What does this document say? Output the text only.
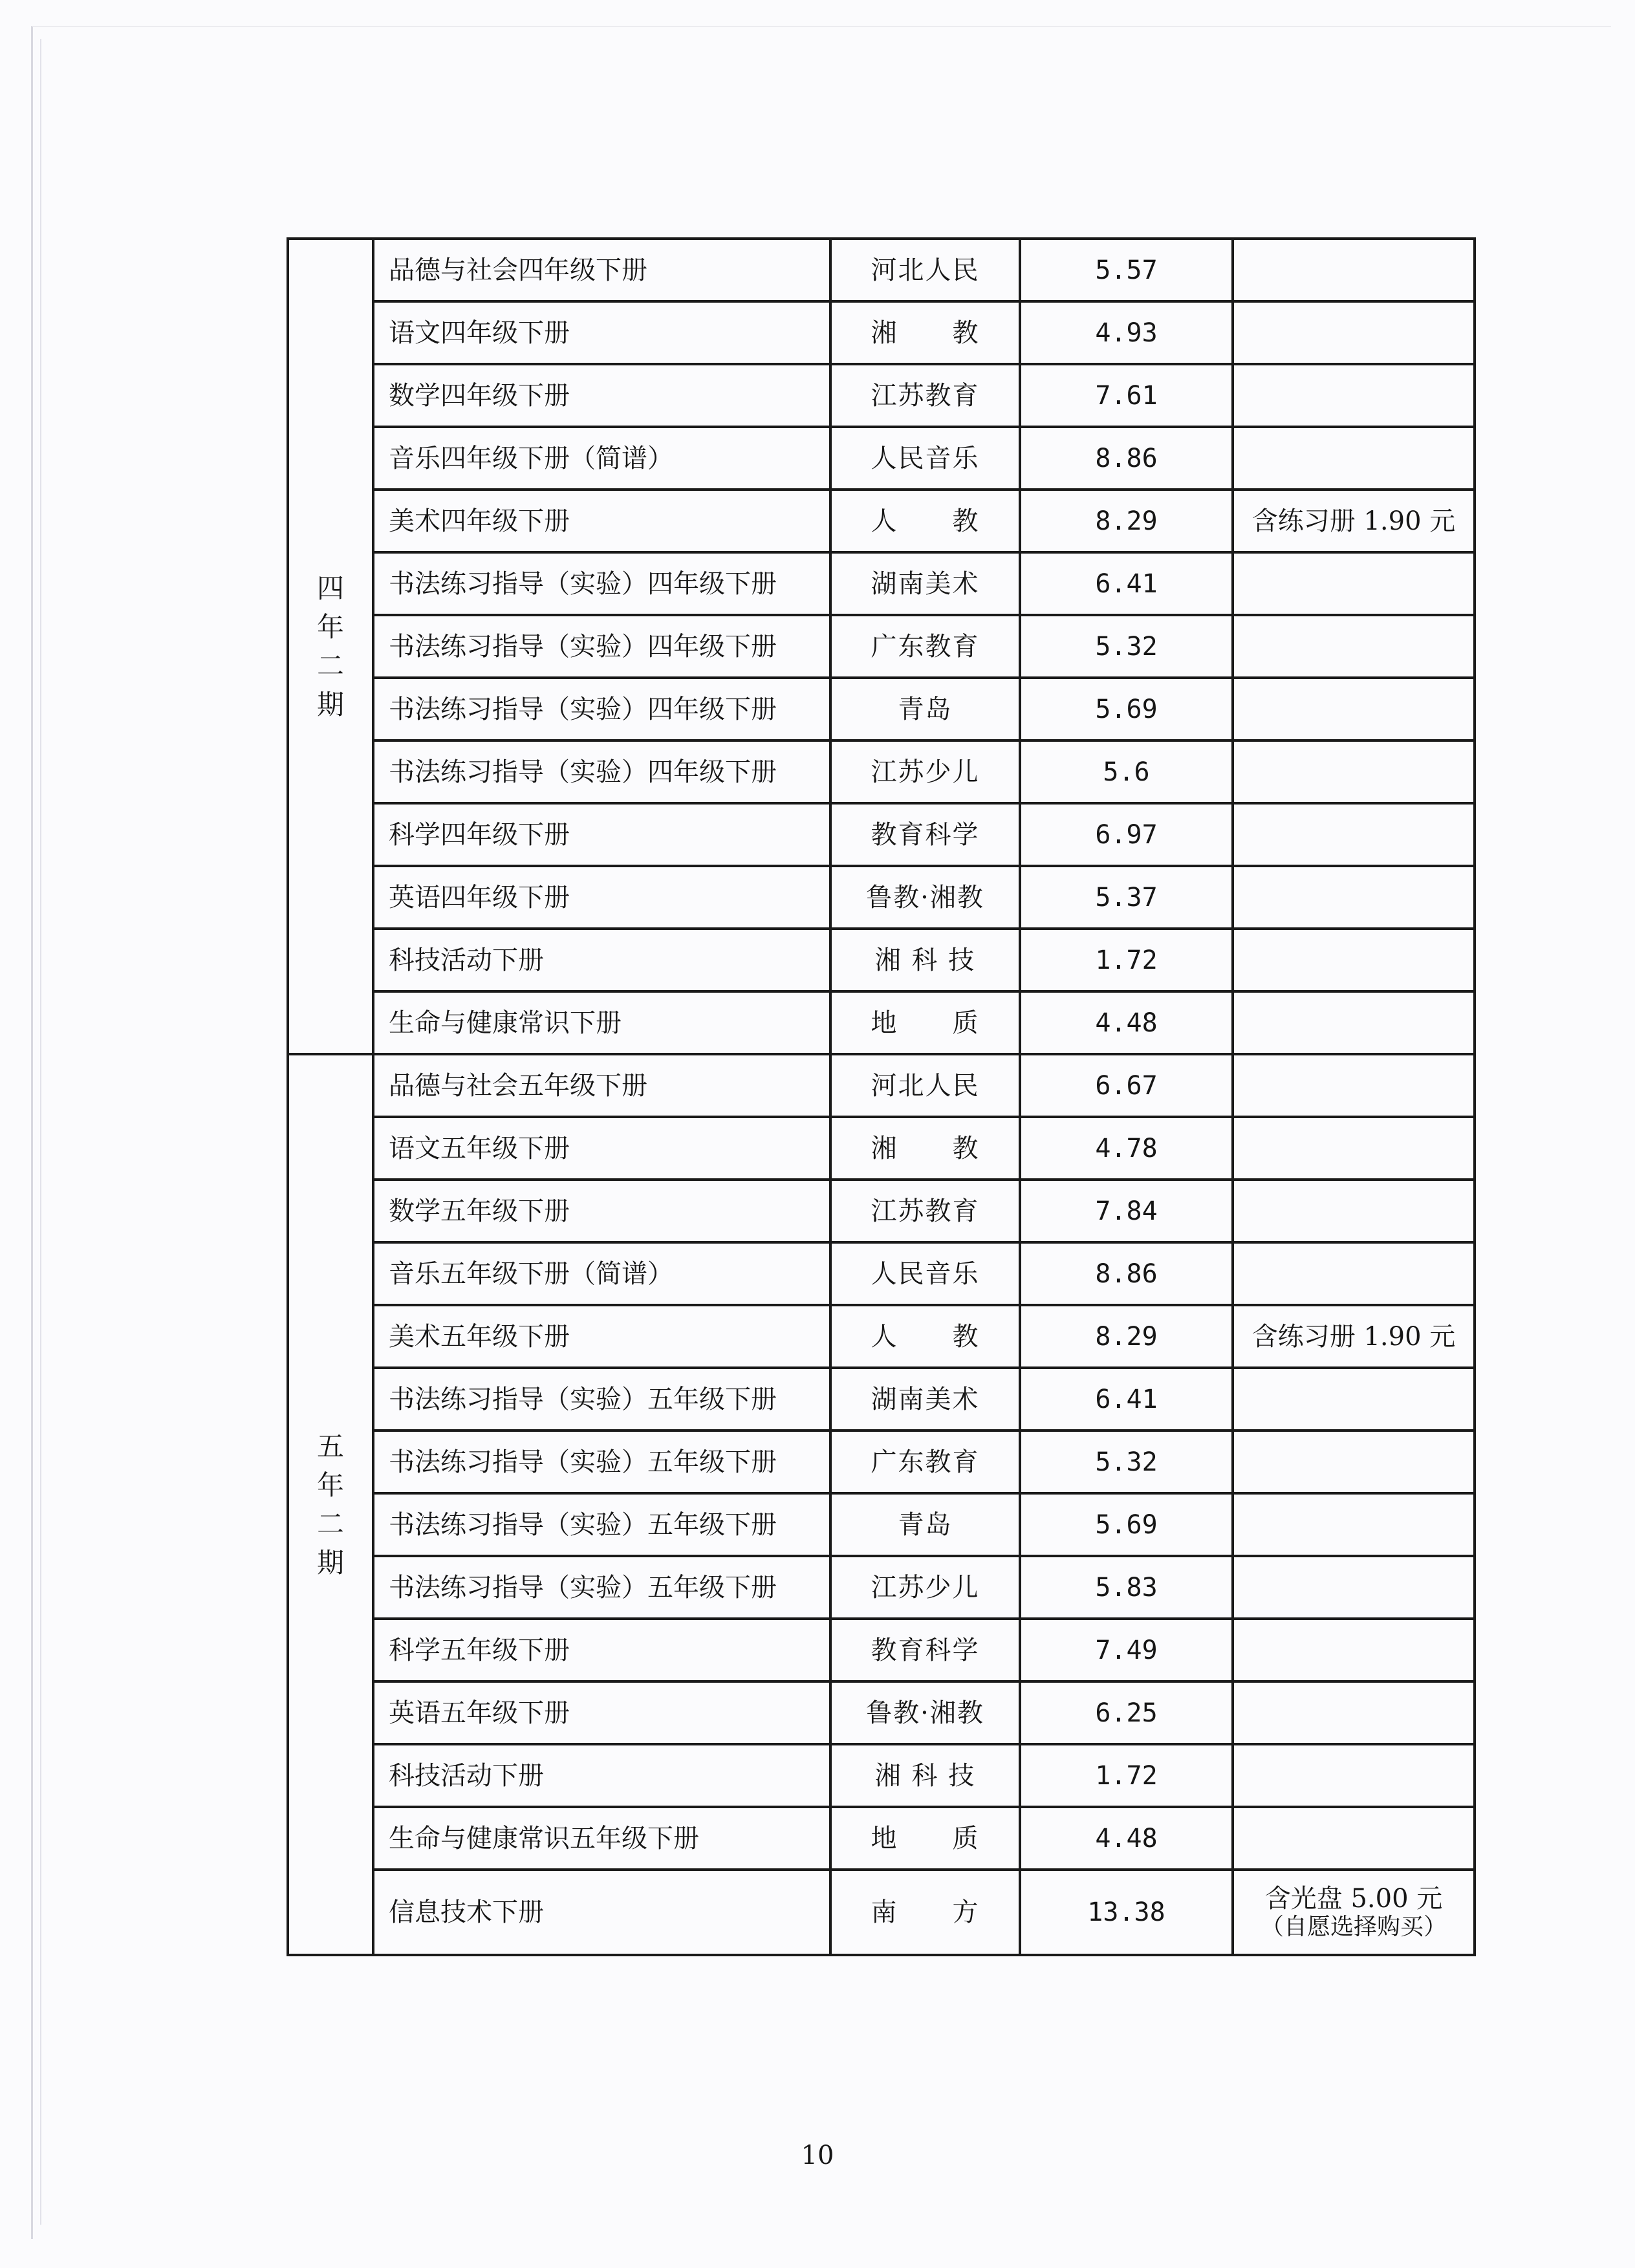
四
年
二
期	品德与社会四年级下册	河北人民	5.57	
	语文四年级下册	湘　　教	4.93	
	数学四年级下册	江苏教育	7.61	
	音乐四年级下册（简谱）	人民音乐	8.86	
	美术四年级下册	人　　教	8.29	含练习册 1.90 元
	书法练习指导（实验）四年级下册	湖南美术	6.41	
	书法练习指导（实验）四年级下册	广东教育	5.32	
	书法练习指导（实验）四年级下册	青岛	5.69	
	书法练习指导（实验）四年级下册	江苏少儿	5.6	
	科学四年级下册	教育科学	6.97	
	英语四年级下册	鲁教·湘教	5.37	
	科技活动下册	湘 科 技	1.72	
	生命与健康常识下册	地　　质	4.48	

五
年
二
期	品德与社会五年级下册	河北人民	6.67	
	语文五年级下册	湘　　教	4.78	
	数学五年级下册	江苏教育	7.84	
	音乐五年级下册（简谱）	人民音乐	8.86	
	美术五年级下册	人　　教	8.29	含练习册 1.90 元
	书法练习指导（实验）五年级下册	湖南美术	6.41	
	书法练习指导（实验）五年级下册	广东教育	5.32	
	书法练习指导（实验）五年级下册	青岛	5.69	
	书法练习指导（实验）五年级下册	江苏少儿	5.83	
	科学五年级下册	教育科学	7.49	
	英语五年级下册	鲁教·湘教	6.25	
	科技活动下册	湘 科 技	1.72	
	生命与健康常识五年级下册	地　　质	4.48	
	信息技术下册	南　　方	13.38	含光盘 5.00 元
（自愿选择购买）
10
